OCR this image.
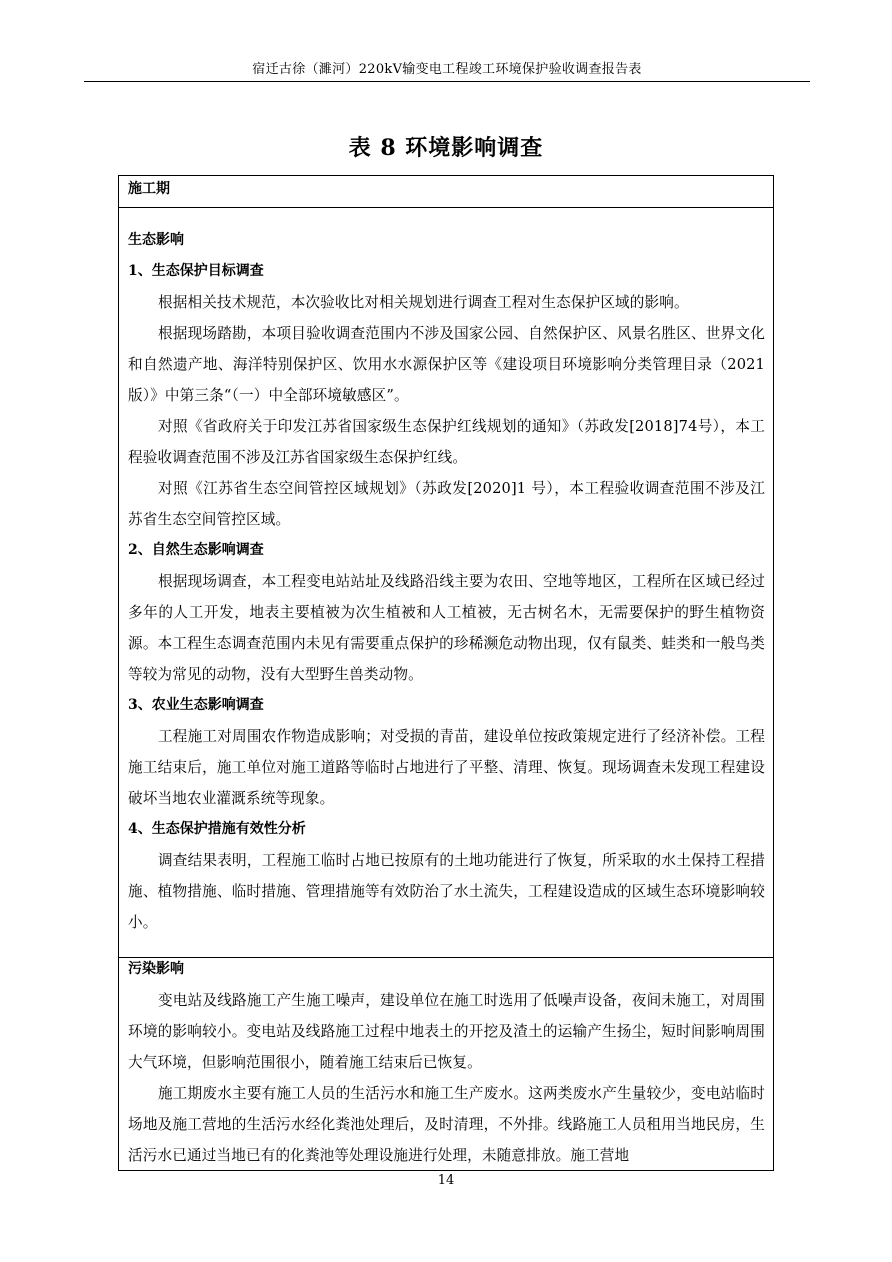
宿迁古徐（濉河）220kV输变电工程竣工环境保护验收调查报告表
表 8 环境影响调查
施工期
生态影响
1、生态保护目标调查

根据相关技术规范，本次验收比对相关规划进行调查工程对生态保护区域的影响。

根据现场踏勘，本项目验收调查范围内不涉及国家公园、自然保护区、风景名胜区、世界文化和自然遗产地、海洋特别保护区、饮用水水源保护区等《建设项目环境影响分类管理目录（2021版）》中第三条“（一）中全部环境敏感区”。

对照《省政府关于印发江苏省国家级生态保护红线规划的通知》（苏政发[2018]74号），本工程验收调查范围不涉及江苏省国家级生态保护红线。

对照《江苏省生态空间管控区域规划》（苏政发[2020]1 号），本工程验收调查范围不涉及江苏省生态空间管控区域。

2、自然生态影响调查

根据现场调查，本工程变电站站址及线路沿线主要为农田、空地等地区，工程所在区域已经过多年的人工开发，地表主要植被为次生植被和人工植被，无古树名木，无需要保护的野生植物资源。本工程生态调查范围内未见有需要重点保护的珍稀濒危动物出现，仅有鼠类、蛙类和一般鸟类等较为常见的动物，没有大型野生兽类动物。

3、农业生态影响调查

工程施工对周围农作物造成影响；对受损的青苗，建设单位按政策规定进行了经济补偿。工程施工结束后，施工单位对施工道路等临时占地进行了平整、清理、恢复。现场调查未发现工程建设破坏当地农业灌溉系统等现象。

4、生态保护措施有效性分析

调查结果表明，工程施工临时占地已按原有的土地功能进行了恢复，所采取的水土保持工程措施、植物措施、临时措施、管理措施等有效防治了水土流失，工程建设造成的区域生态环境影响较小。

污染影响

变电站及线路施工产生施工噪声，建设单位在施工时选用了低噪声设备，夜间未施工，对周围环境的影响较小。变电站及线路施工过程中地表土的开挖及渣土的运输产生扬尘，短时间影响周围大气环境，但影响范围很小，随着施工结束后已恢复。

施工期废水主要有施工人员的生活污水和施工生产废水。这两类废水产生量较少，变电站临时场地及施工营地的生活污水经化粪池处理后，及时清理，不外排。线路施工人员租用当地民房，生活污水已通过当地已有的化粪池等处理设施进行处理，未随意排放。施工营地

14
